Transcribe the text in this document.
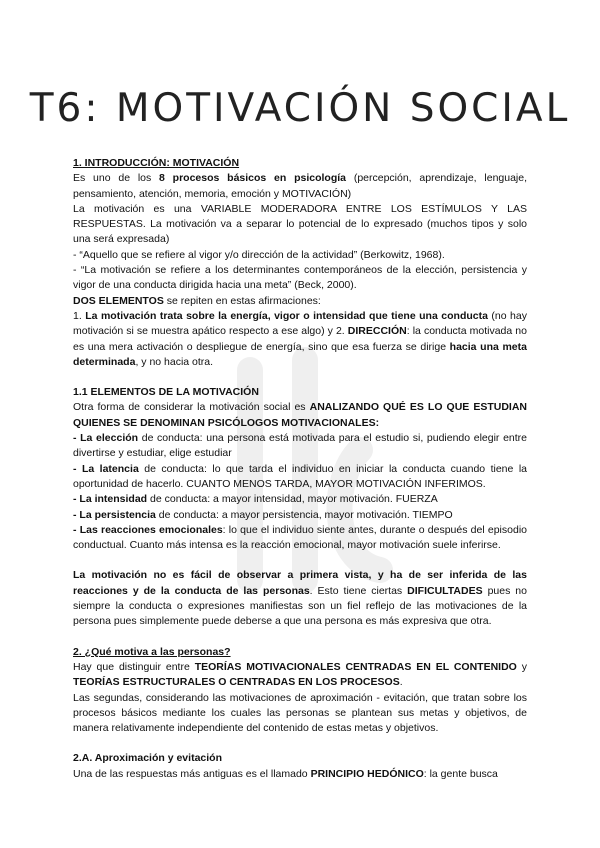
T6: MOTIVACIÓN SOCIAL

1. INTRODUCCIÓN: MOTIVACIÓN

Es uno de los 8 procesos básicos en psicología (percepción, aprendizaje, lenguaje, pensamiento, atención, memoria, emoción y MOTIVACIÓN)

La motivación es una VARIABLE MODERADORA ENTRE LOS ESTÍMULOS Y LAS RESPUESTAS. La motivación va a separar lo potencial de lo expresado (muchos tipos y solo una será expresada)

- “Aquello que se refiere al vigor y/o dirección de la actividad” (Berkowitz, 1968).

- “La motivación se refiere a los determinantes contemporáneos de la elección, persistencia y vigor de una conducta dirigida hacia una meta” (Beck, 2000).

DOS ELEMENTOS se repiten en estas afirmaciones:

1. La motivación trata sobre la energía, vigor o intensidad que tiene una conducta (no hay motivación si se muestra apático respecto a ese algo) y 2. DIRECCIÓN: la conducta motivada no es una mera activación o despliegue de energía, sino que esa fuerza se dirige hacia una meta determinada, y no hacia otra.

1.1 ELEMENTOS DE LA MOTIVACIÓN

Otra forma de considerar la motivación social es ANALIZANDO QUÉ ES LO QUE ESTUDIAN QUIENES SE DENOMINAN PSICÓLOGOS MOTIVACIONALES:

- La elección de conducta: una persona está motivada para el estudio si, pudiendo elegir entre divertirse y estudiar, elige estudiar

- La latencia de conducta: lo que tarda el individuo en iniciar la conducta cuando tiene la oportunidad de hacerlo. CUANTO MENOS TARDA, MAYOR MOTIVACIÓN INFERIMOS.

- La intensidad de conducta: a mayor intensidad, mayor motivación. FUERZA

- La persistencia de conducta: a mayor persistencia, mayor motivación. TIEMPO

- Las reacciones emocionales: lo que el individuo siente antes, durante o después del episodio conductual. Cuanto más intensa es la reacción emocional, mayor motivación suele inferirse.

La motivación no es fácil de observar a primera vista, y ha de ser inferida de las reacciones y de la conducta de las personas. Esto tiene ciertas DIFICULTADES pues no siempre la conducta o expresiones manifiestas son un fiel reflejo de las motivaciones de la persona pues simplemente puede deberse a que una persona es más expresiva que otra.

2. ¿Qué motiva a las personas?

Hay que distinguir entre TEORÍAS MOTIVACIONALES CENTRADAS EN EL CONTENIDO y TEORÍAS ESTRUCTURALES O CENTRADAS EN LOS PROCESOS.

Las segundas, considerando las motivaciones de aproximación - evitación, que tratan sobre los procesos básicos mediante los cuales las personas se plantean sus metas y objetivos, de manera relativamente independiente del contenido de estas metas y objetivos.

2.A. Aproximación y evitación

Una de las respuestas más antiguas es el llamado PRINCIPIO HEDÓNICO: la gente busca
